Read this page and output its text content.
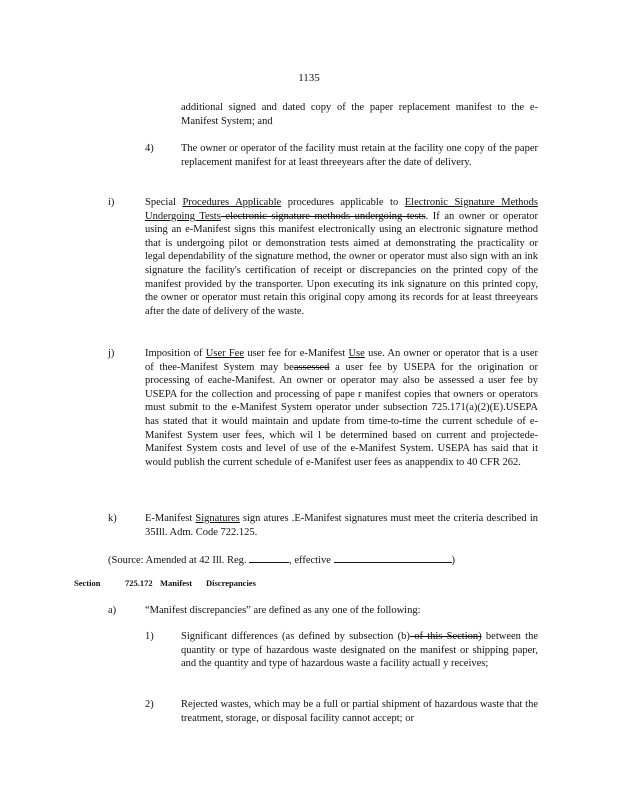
1135
additional signed and dated copy of the paper replacement manifest to the e-Manifest System; and
4)	The owner or operator of the facility must retain at the facility one copy of the paper replacement manifest for at least threeyears after the date of delivery.
i)	Special Procedures Applicable procedures applicable to Electronic Signature Methods Undergoing Tests electronic signature methods undergoing tests. If an owner or operator using an e-Manifest signs this manifest electronically using an electronic signature method that is undergoing pilot or demonstration tests aimed at demonstrating the practicality or legal dependability of the signature method, the owner or operator must also sign with an ink signature the facility's certification of receipt or discrepancies on the printed copy of the manifest provided by the transporter. Upon executing its ink signature on this printed copy, the owner or operator must retain this original copy among its records for at least threeyears after the date of delivery of the waste.
j)	Imposition of User Fee user fee for e-Manifest Use use. An owner or operator that is a user of thee-Manifest System may beassessed a user fee by USEPA for the origination or processing of eache-Manifest. An owner or operator may also be assessed a user fee by USEPA for the collection and processing of pape r manifest copies that owners or operators must submit to the e-Manifest System operator under subsection 725.171(a)(2)(E).USEPA has stated that it would maintain and update from time-to-time the current schedule of e-Manifest System user fees, which wil l be determined based on current and projectede-Manifest System costs and level of use of the e-Manifest System. USEPA has said that it would publish the current schedule of e-Manifest user fees as anappendix to 40 CFR 262.
k)	E-Manifest Signatures sign atures .E-Manifest signatures must meet the criteria described in 35Ill. Adm. Code 722.125.
(Source: Amended at 42 Ill. Reg.	, effective	)
Section	725.172 Manifest Discrepancies
a)	“Manifest discrepancies” are defined as any one of the following:
1)	Significant differences (as defined by subsection (b) of this Section) between the quantity or type of hazardous waste designated on the manifest or shipping paper, and the quantity and type of hazardous waste a facility actuall y receives;
2)	Rejected wastes, which may be a full or partial shipment of hazardous waste that the treatment, storage, or disposal facility cannot accept; or
